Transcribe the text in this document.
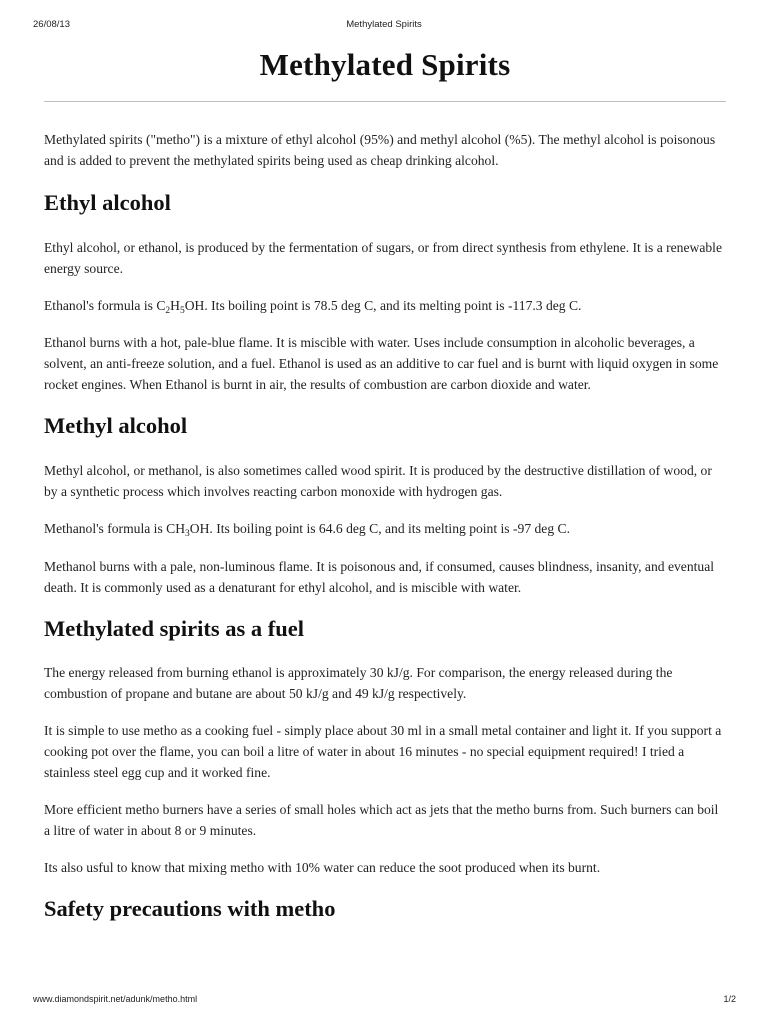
26/08/13	Methylated Spirits
Methylated Spirits

Methylated spirits ("metho") is a mixture of ethyl alcohol (95%) and methyl alcohol (%5). The methyl alcohol is poisonous and is added to prevent the methylated spirits being used as cheap drinking alcohol.

Ethyl alcohol

Ethyl alcohol, or ethanol, is produced by the fermentation of sugars, or from direct synthesis from ethylene. It is a renewable energy source.

Ethanol's formula is $C_2H_5OH$. Its boiling point is 78.5 deg C, and its melting point is -117.3 deg C.

Ethanol burns with a hot, pale-blue flame. It is miscible with water. Uses include consumption in alcoholic beverages, a solvent, an anti-freeze solution, and a fuel. Ethanol is used as an additive to car fuel and is burnt with liquid oxygen in some rocket engines. When Ethanol is burnt in air, the results of combustion are carbon dioxide and water.

Methyl alcohol

Methyl alcohol, or methanol, is also sometimes called wood spirit. It is produced by the destructive distillation of wood, or by a synthetic process which involves reacting carbon monoxide with hydrogen gas.

Methanol's formula is $CH_3OH$. Its boiling point is 64.6 deg C, and its melting point is -97 deg C.

Methanol burns with a pale, non-luminous flame. It is poisonous and, if consumed, causes blindness, insanity, and eventual death. It is commonly used as a denaturant for ethyl alcohol, and is miscible with water.

Methylated spirits as a fuel

The energy released from burning ethanol is approximately 30 kJ/g. For comparison, the energy released during the combustion of propane and butane are about 50 kJ/g and 49 kJ/g respectively.

It is simple to use metho as a cooking fuel - simply place about 30 ml in a small metal container and light it. If you support a cooking pot over the flame, you can boil a litre of water in about 16 minutes - no special equipment required! I tried a stainless steel egg cup and it worked fine.

More efficient metho burners have a series of small holes which act as jets that the metho burns from. Such burners can boil a litre of water in about 8 or 9 minutes.

Its also usful to know that mixing metho with 10% water can reduce the soot produced when its burnt.

Safety precautions with metho
www.diamondspirit.net/adunk/metho.html	1/2
